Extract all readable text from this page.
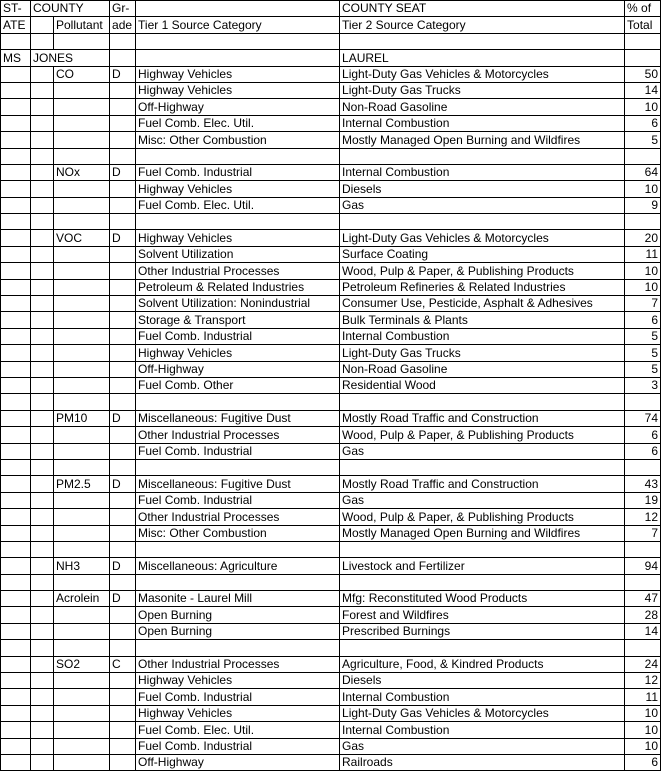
ST-	COUNTY		Gr-		COUNTY SEAT	% of
ATE		Pollutant	ade	Tier 1 Source Category	Tier 2 Source Category	Total

MS	JONES				LAUREL	
		CO	D	Highway Vehicles	Light-Duty Gas Vehicles & Motorcycles	50
				Highway Vehicles	Light-Duty Gas Trucks	14
				Off-Highway	Non-Road Gasoline	10
				Fuel Comb. Elec. Util.	Internal Combustion	6
				Misc: Other Combustion	Mostly Managed Open Burning and Wildfires	5

		NOx	D	Fuel Comb. Industrial	Internal Combustion	64
				Highway Vehicles	Diesels	10
				Fuel Comb. Elec. Util.	Gas	9

		VOC	D	Highway Vehicles	Light-Duty Gas Vehicles & Motorcycles	20
				Solvent Utilization	Surface Coating	11
				Other Industrial Processes	Wood, Pulp & Paper, & Publishing Products	10
				Petroleum & Related Industries	Petroleum Refineries & Related Industries	10
				Solvent Utilization: Nonindustrial	Consumer Use, Pesticide, Asphalt & Adhesives	7
				Storage & Transport	Bulk Terminals & Plants	6
				Fuel Comb. Industrial	Internal Combustion	5
				Highway Vehicles	Light-Duty Gas Trucks	5
				Off-Highway	Non-Road Gasoline	5
				Fuel Comb. Other	Residential Wood	3

		PM10	D	Miscellaneous: Fugitive Dust	Mostly Road Traffic and Construction	74
				Other Industrial Processes	Wood, Pulp & Paper, & Publishing Products	6
				Fuel Comb. Industrial	Gas	6

		PM2.5	D	Miscellaneous: Fugitive Dust	Mostly Road Traffic and Construction	43
				Fuel Comb. Industrial	Gas	19
				Other Industrial Processes	Wood, Pulp & Paper, & Publishing Products	12
				Misc: Other Combustion	Mostly Managed Open Burning and Wildfires	7

		NH3	D	Miscellaneous: Agriculture	Livestock and Fertilizer	94

		Acrolein	D	Masonite - Laurel Mill	Mfg: Reconstituted Wood Products	47
				Open Burning	Forest and Wildfires	28
				Open Burning	Prescribed Burnings	14

		SO2	C	Other Industrial Processes	Agriculture, Food, & Kindred Products	24
				Highway Vehicles	Diesels	12
				Fuel Comb. Industrial	Internal Combustion	11
				Highway Vehicles	Light-Duty Gas Vehicles & Motorcycles	10
				Fuel Comb. Elec. Util.	Internal Combustion	10
				Fuel Comb. Industrial	Gas	10
				Off-Highway	Railroads	6
